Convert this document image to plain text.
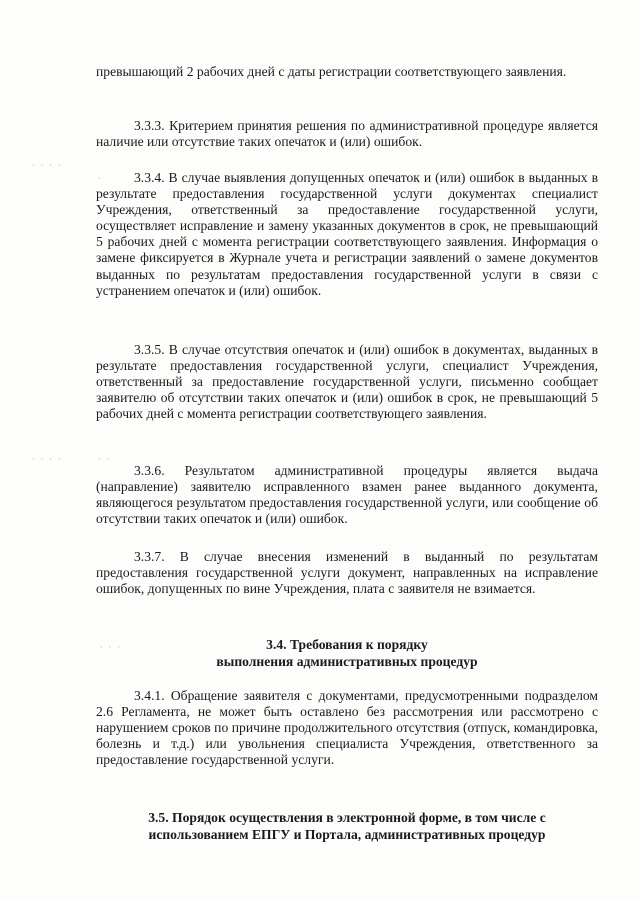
превышающий 2 рабочих дней с даты регистрации соответствующего заявления.

3.3.3. Критерием принятия решения по административной процедуре является наличие или отсутствие таких опечаток и (или) ошибок.

· · · ·
·	3.3.4. В случае выявления допущенных опечаток и (или) ошибок в выданных в результате предоставления государственной услуги документах специалист Учреждения, ответственный за предоставление государственной услуги, осуществляет исправление и замену указанных документов в срок, не превышающий 5 рабочих дней с момента регистрации соответствующего заявления. Информация о замене фиксируется в Журнале учета и регистрации заявлений о замене документов выданных по результатам предоставления государственной услуги в связи с устранением опечаток и (или) ошибок.

3.3.5. В случае отсутствия опечаток и (или) ошибок в документах, выданных в результате предоставления государственной услуги, специалист Учреждения, ответственный за предоставление государственной услуги, письменно сообщает заявителю об отсутствии таких опечаток и (или) ошибок в срок, не превышающий 5 рабочих дней с момента регистрации соответствующего заявления.

· · · ·	· ·

3.3.6. Результатом административной процедуры является выдача (направление) заявителю исправленного взамен ранее выданного документа, являющегося результатом предоставления государственной услуги, или сообщение об отсутствии таких опечаток и (или) ошибок.

3.3.7. В случае внесения изменений в выданный по результатам предоставления государственной услуги документ, направленных на исправление ошибок, допущенных по вине Учреждения, плата с заявителя не взимается.

· · ·	3.4. Требования к порядку
выполнения административных процедур

3.4.1. Обращение заявителя с документами, предусмотренными подразделом 2.6 Регламента, не может быть оставлено без рассмотрения или рассмотрено с нарушением сроков по причине продолжительного отсутствия (отпуск, командировка, болезнь и т.д.) или увольнения специалиста Учреждения, ответственного за предоставление государственной услуги.

3.5. Порядок осуществления в электронной форме, в том числе с
использованием ЕПГУ и Портала, административных процедур
